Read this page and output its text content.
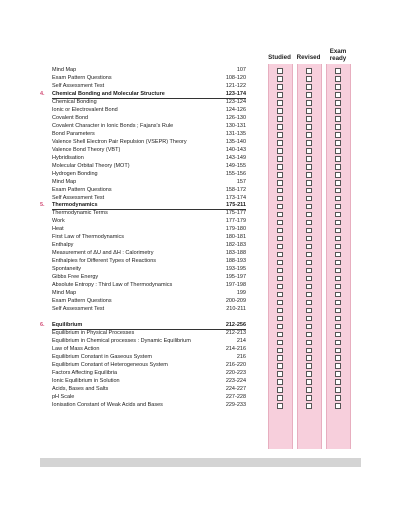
Studied Revised
Exam ready
Mind Map	107
Exam Pattern Questions	108-120
Self Assessment Test	121-122
4. Chemical Bonding and Molecular Structure	123-174
Chemical Bonding	123-124
Ionic or Electrovalent Bond	124-126
Covalent Bond	126-130
Covalent Character in Ionic Bonds ; Fajans's Rule	130-131
Bond Parameters	131-135
Valence Shell Electron Pair Repulsion (VSEPR) Theory	135-140
Valence Bond Theory (VBT)	140-143
Hybridisation	143-149
Molecular Orbital Theory (MOT)	149-155
Hydrogen Bonding	155-156
Mind Map	157
Exam Pattern Questions	158-172
Self Assessment Test	173-174
5. Thermodynamics	175-211
Thermodynamic Terms	175-177
Work	177-179
Heat	179-180
First Law of Thermodynamics	180-181
Enthalpy	182-183
Measurement of ΔU and ΔH : Calorimetry	183-188
Enthalpies for Different Types of Reactions	188-193
Spontaneity	193-195
Gibbs Free Energy	195-197
Absolute Entropy : Third Law of Thermodynamics	197-198
Mind Map	199
Exam Pattern Questions	200-209
Self Assessment Test	210-211
6. Equilibrium	212-256
Equilibrium in Physical Processes	212-213
Equilibrium in Chemical processes : Dynamic Equilibrium	214
Law of Mass Action	214-216
Equilibrium Constant in Gaseous System	216
Equilibrium Constant of Heterogeneous System	216-220
Factors Affecting Equilibria	220-223
Ionic Equilibrium in Solution	223-224
Acids, Bases and Salts	224-227
pH Scale	227-228
Ionisation Constant of Weak Acids and Bases	229-233
